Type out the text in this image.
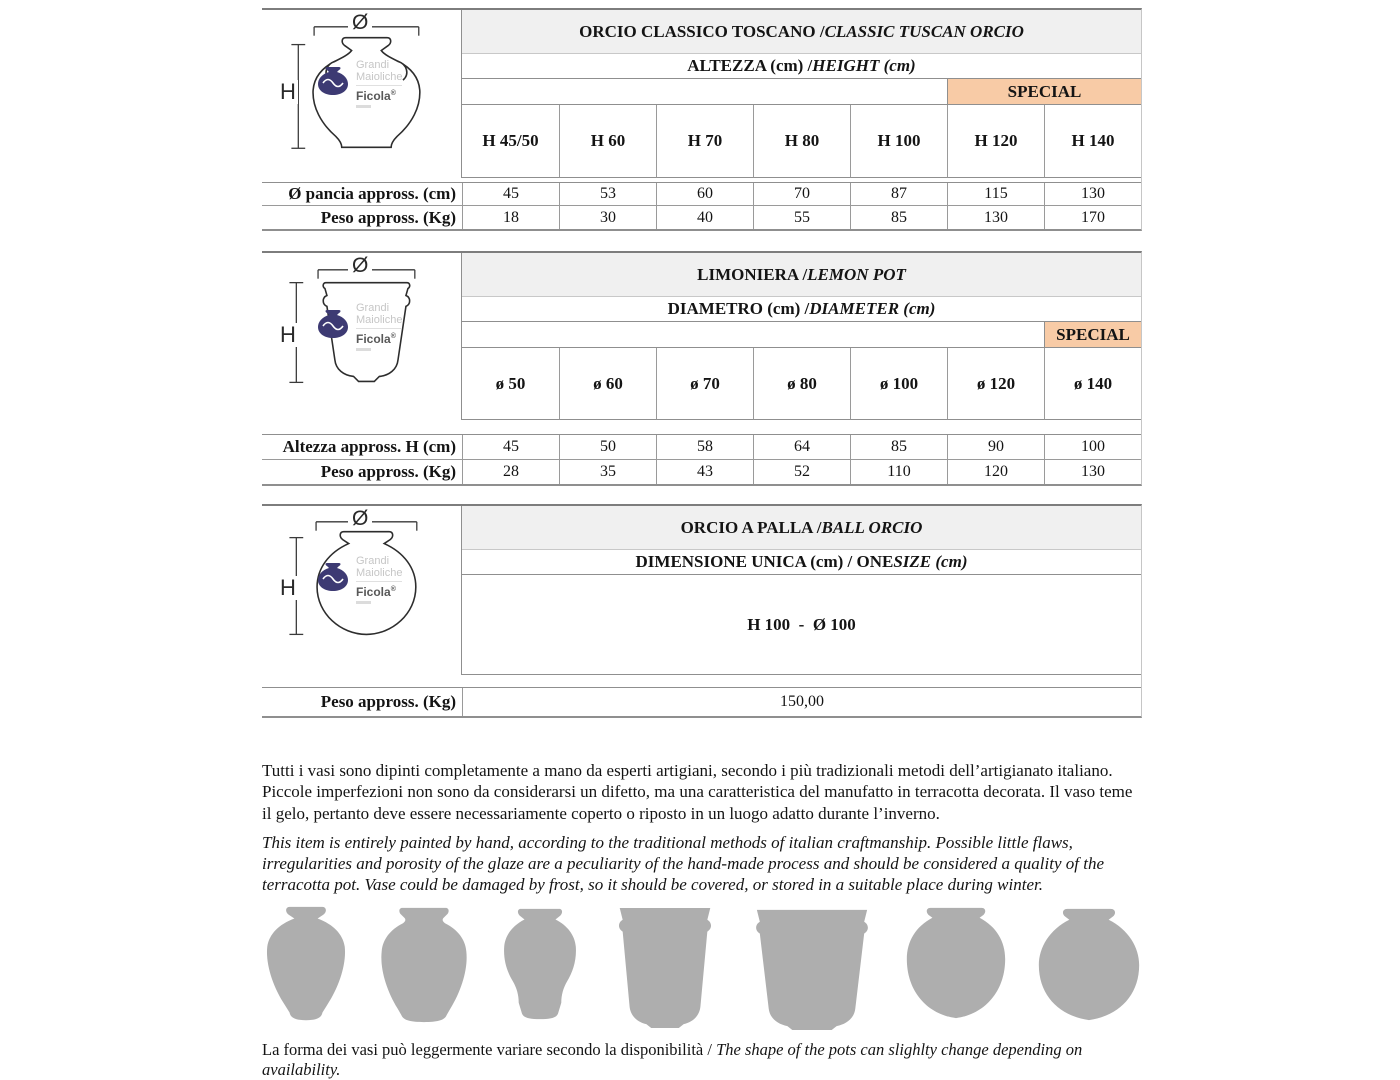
Ø
H
Grandi
Maioliche
Ficola®
ORCIO CLASSICO TOSCANO / CLASSIC TUSCAN ORCIO
ALTEZZA (cm) / HEIGHT (cm)
SPECIAL
H 45/50	H 60	H 70	H 80	H 100	H 120	H 140
Ø pancia appross. (cm)	45	53	60	70	87	115	130
Peso appross. (Kg)	18	30	40	55	85	130	170
Ø
H
Grandi
Maioliche
Ficola®
LIMONIERA / LEMON POT
DIAMETRO (cm) / DIAMETER (cm)
SPECIAL
ø 50	ø 60	ø 70	ø 80	ø 100	ø 120	ø 140
Altezza appross. H (cm)	45	50	58	64	85	90	100
Peso appross. (Kg)	28	35	43	52	110	120	130
Ø
H
Grandi
Maioliche
Ficola®
ORCIO A PALLA / BALL ORCIO
DIMENSIONE UNICA (cm) / ONE SIZE (cm)
H 100  -  Ø 100
Peso appross. (Kg)	150,00
Tutti i vasi sono dipinti completamente a mano da esperti artigiani, secondo i più tradizionali metodi dell’artigianato italiano. Piccole imperfezioni non sono da considerarsi un difetto, ma una caratteristica del manufatto in terracotta decorata. Il vaso teme il gelo, pertanto deve essere necessariamente coperto o riposto in un luogo adatto durante l’inverno.
This item is entirely painted by hand, according to the traditional methods of italian craftmanship. Possible little flaws, irregularities and porosity of the glaze are a peculiarity of the hand-made process and should be considered a quality of the terracotta pot. Vase could be damaged by frost, so it should be covered, or stored in a suitable place during winter.
La forma dei vasi può leggermente variare secondo la disponibilità / The shape of the pots can slighlty change depending on availability.
